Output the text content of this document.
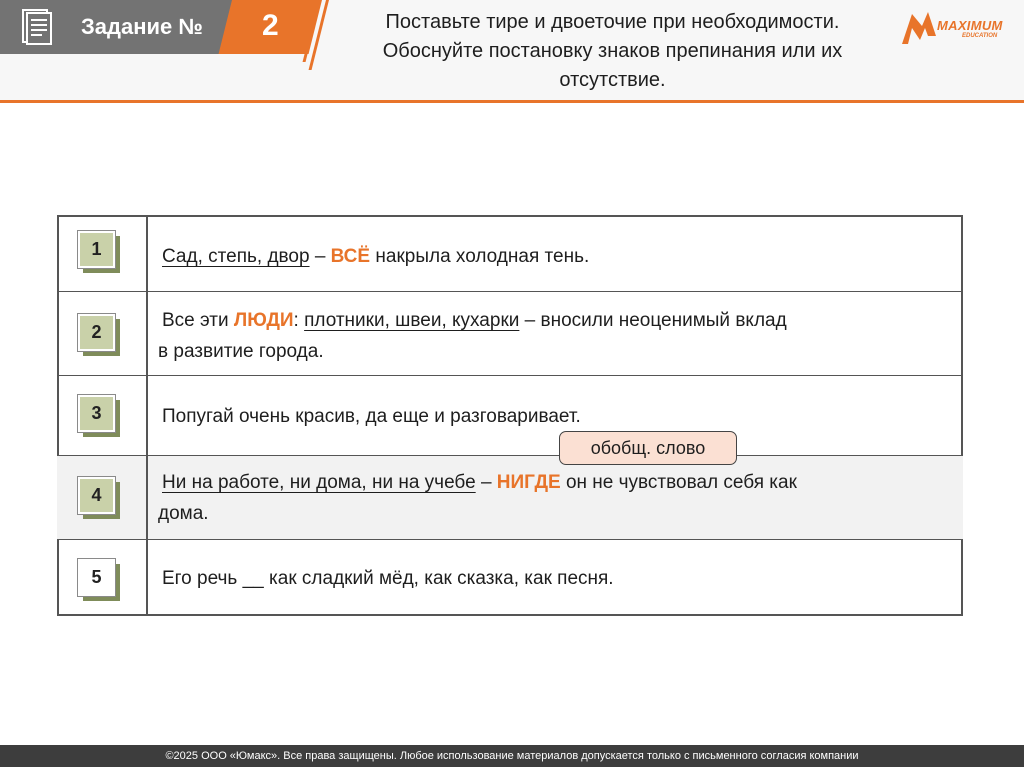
Задание № 2	Поставьте тире и двоеточие при необходимости.
Обоснуйте постановку знаков препинания или их
отсутствие.
MAXIMUM
EDUCATION
1
2
3
4
5
Сад, степь, двор – ВСЁ накрыла холодная тень.
Все эти ЛЮДИ: плотники, швеи, кухарки – вносили неоценимый вклад
в развитие города.
Попугай очень красив, да еще и разговаривает.
Ни на работе, ни дома, ни на учебе – НИГДЕ он не чувствовал себя как
дома.
Его речь __ как сладкий мёд, как сказка, как песня.
обобщ. слово
©2025 ООО «Юмакс». Все права защищены. Любое использование материалов допускается только с письменного согласия компании
